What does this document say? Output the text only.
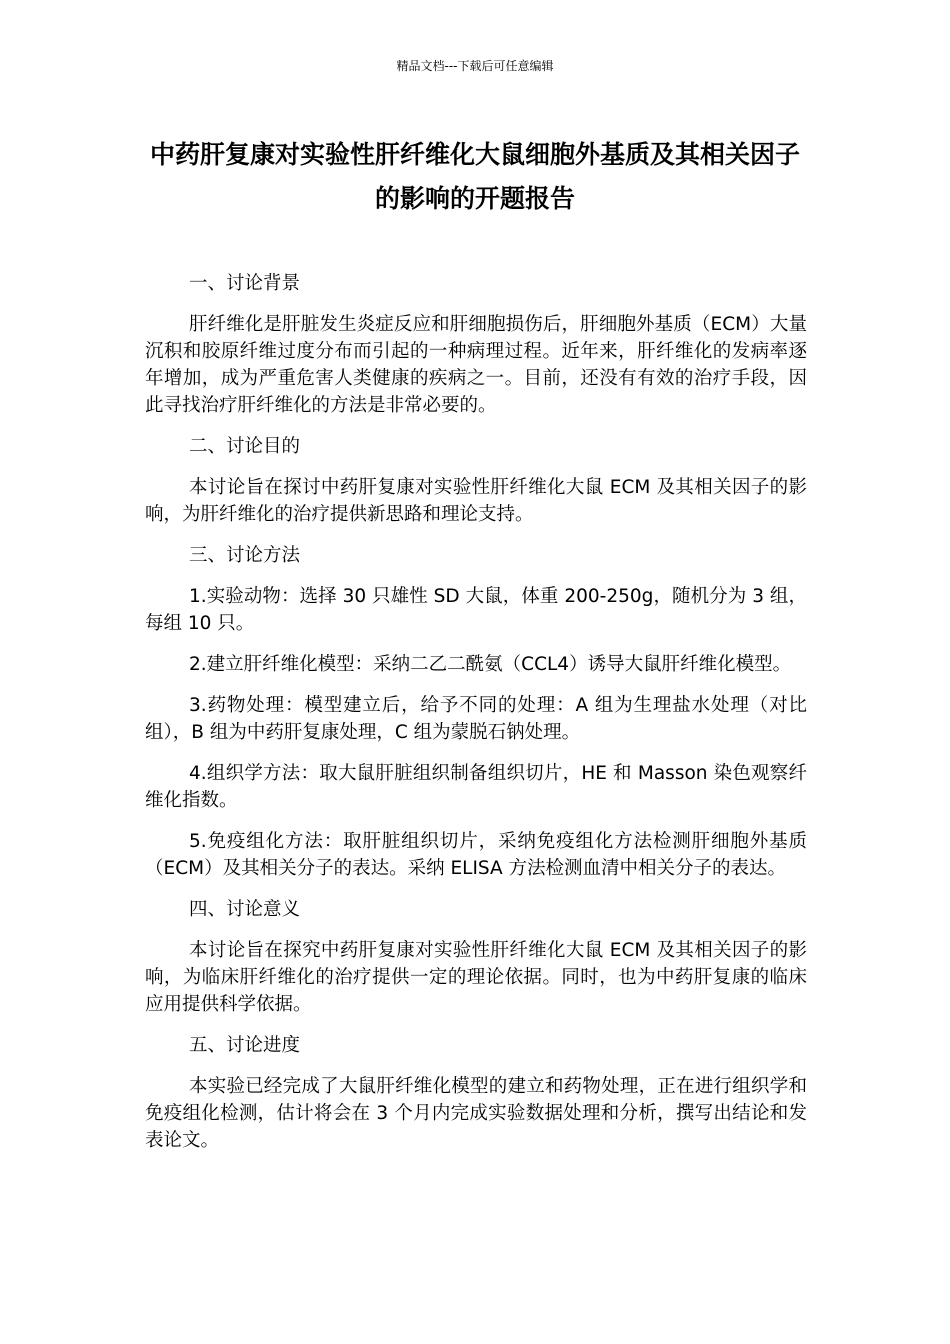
精品文档---下载后可任意编辑
中药肝复康对实验性肝纤维化大鼠细胞外基质及其相关因子的影响的开题报告

一、讨论背景

肝纤维化是肝脏发生炎症反应和肝细胞损伤后，肝细胞外基质（ECM）大量沉积和胶原纤维过度分布而引起的一种病理过程。近年来，肝纤维化的发病率逐年增加，成为严重危害人类健康的疾病之一。目前，还没有有效的治疗手段，因此寻找治疗肝纤维化的方法是非常必要的。

二、讨论目的

本讨论旨在探讨中药肝复康对实验性肝纤维化大鼠 ECM 及其相关因子的影响，为肝纤维化的治疗提供新思路和理论支持。

三、讨论方法

1.实验动物：选择 30 只雄性 SD 大鼠，体重 200-250g，随机分为 3 组，每组 10 只。

2.建立肝纤维化模型：采纳二乙二酰氨（CCL4）诱导大鼠肝纤维化模型。

3.药物处理：模型建立后，给予不同的处理：A 组为生理盐水处理（对比组），B 组为中药肝复康处理，C 组为蒙脱石钠处理。

4.组织学方法：取大鼠肝脏组织制备组织切片，HE 和 Masson 染色观察纤维化指数。

5.免疫组化方法：取肝脏组织切片，采纳免疫组化方法检测肝细胞外基质（ECM）及其相关分子的表达。采纳 ELISA 方法检测血清中相关分子的表达。

四、讨论意义

本讨论旨在探究中药肝复康对实验性肝纤维化大鼠 ECM 及其相关因子的影响，为临床肝纤维化的治疗提供一定的理论依据。同时，也为中药肝复康的临床应用提供科学依据。

五、讨论进度

本实验已经完成了大鼠肝纤维化模型的建立和药物处理，正在进行组织学和免疫组化检测，估计将会在 3 个月内完成实验数据处理和分析，撰写出结论和发表论文。
